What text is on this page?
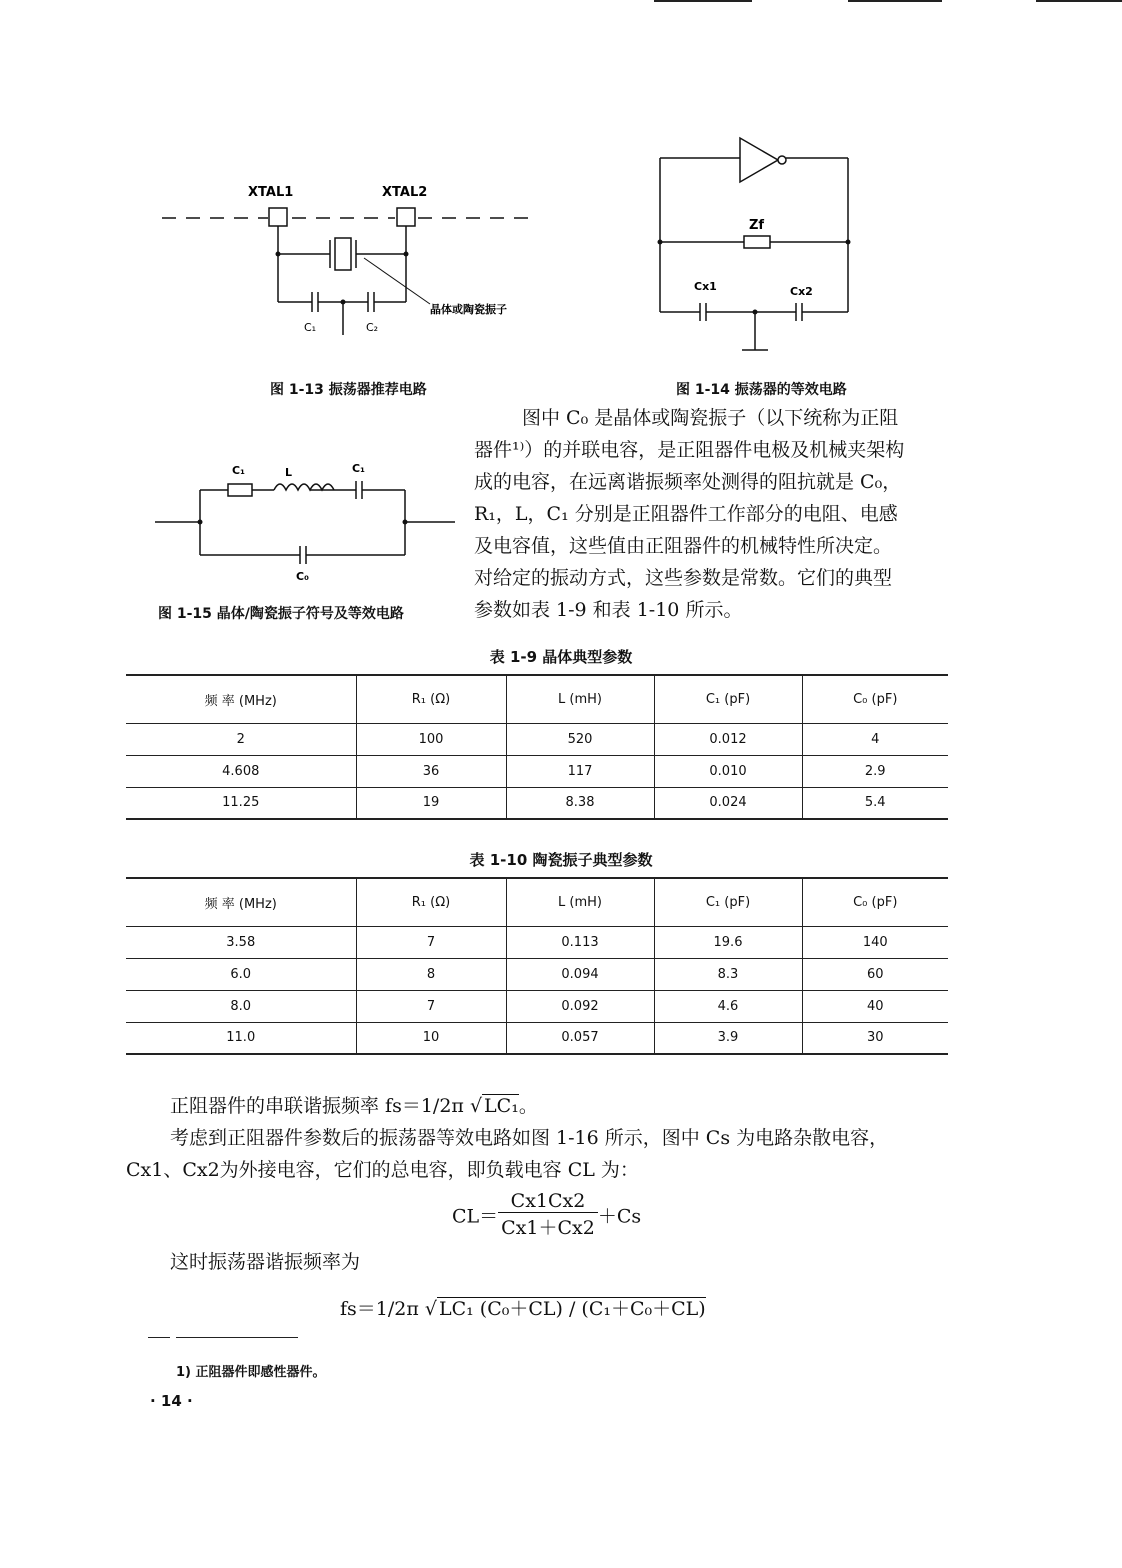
XTAL1	XTAL2
晶体或陶瓷振子
C₁	C₂
图 1-13 振荡器推荐电路
Zf
Cx1	Cx2
图 1-14 振荡器的等效电路
C₁	L	C₁
C₀
图 1-15 晶体/陶瓷振子符号及等效电路
图中 C₀ 是晶体或陶瓷振子（以下统称为正阻
器件¹⁾）的并联电容，是正阻器件电极及机械夹架构
成的电容，在远离谐振频率处测得的阻抗就是 C₀，
R₁，L，C₁ 分别是正阻器件工作部分的电阻、电感
及电容值，这些值由正阻器件的机械特性所决定。
对给定的振动方式，这些参数是常数。它们的典型
参数如表 1-9 和表 1-10 所示。
表 1-9 晶体典型参数
频 率 (MHz)	R₁ (Ω)	L (mH)	C₁ (pF)	C₀ (pF)
2	100	520	0.012	4
4.608	36	117	0.010	2.9
11.25	19	8.38	0.024	5.4
表 1-10 陶瓷振子典型参数
频 率 (MHz)	R₁ (Ω)	L (mH)	C₁ (pF)	C₀ (pF)
3.58	7	0.113	19.6	140
6.0	8	0.094	8.3	60
8.0	7	0.092	4.6	40
11.0	10	0.057	3.9	30
正阻器件的串联谐振频率 fs＝1/2π √ LC₁。
考虑到正阻器件参数后的振荡器等效电路如图 1-16 所示，图中 Cs 为电路杂散电容，
Cx1、Cx2为外接电容，它们的总电容，即负载电容 CL 为：
$CL= \frac{Cx1Cx2}{Cx1+Cx2} +Cs$
这时振荡器谐振频率为
fs＝1/2π √ LC₁ (C₀＋CL) / (C₁＋C₀＋CL)
1) 正阻器件即感性器件。
· 14 ·
